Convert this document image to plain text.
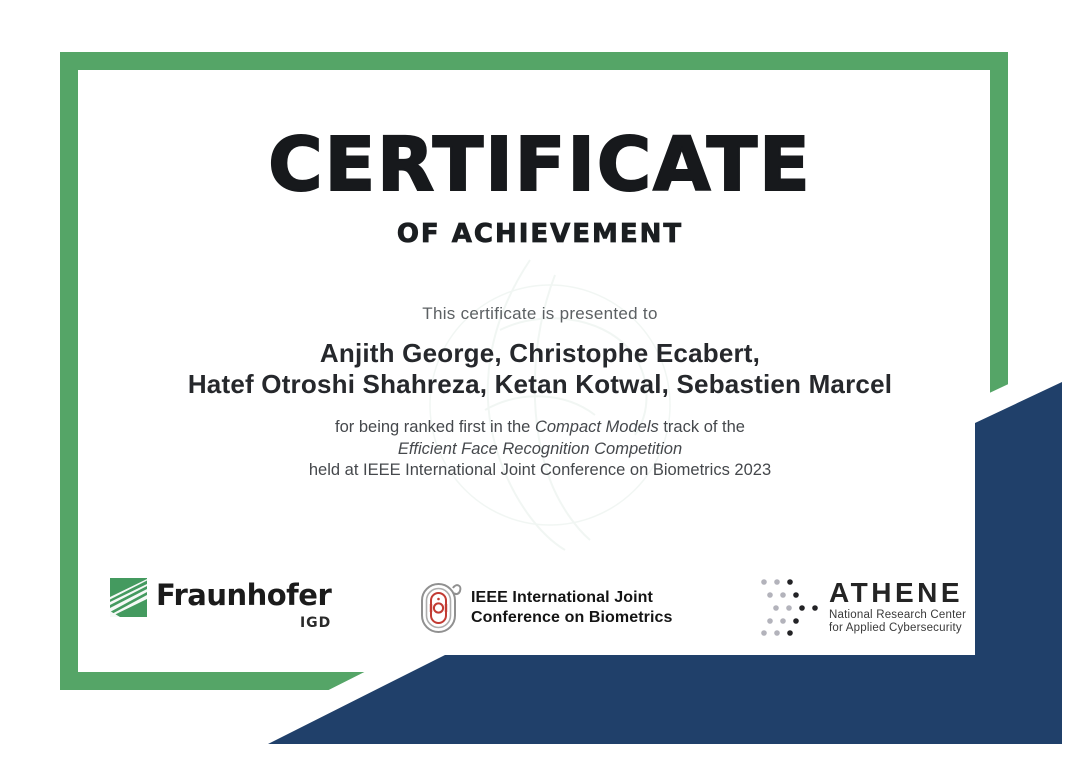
CERTIFICATE
OF ACHIEVEMENT
This certificate is presented to
Anjith George, Christophe Ecabert,
Hatef Otroshi Shahreza, Ketan Kotwal, Sebastien Marcel
for being ranked first in the Compact Models track of the
Efficient Face Recognition Competition
held at IEEE International Joint Conference on Biometrics 2023
Fraunhofer
IGD
IEEE International Joint
Conference on Biometrics
ATHENE
National Research Center
for Applied Cybersecurity
